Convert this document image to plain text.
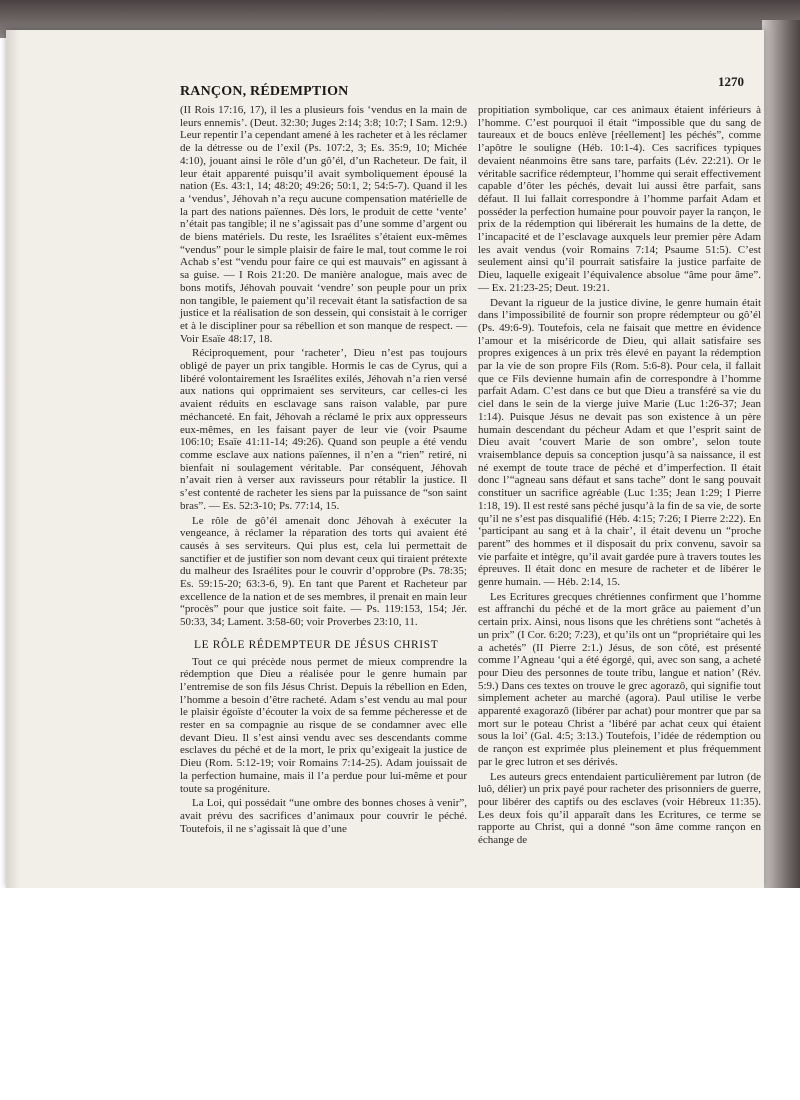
RANÇON, RÉDEMPTION
1270

(II Rois 17:16, 17), il les a plusieurs fois ‘vendus en la main de leurs ennemis’. (Deut. 32:30; Juges 2:14; 3:8; 10:7; I Sam. 12:9.) Leur repentir l’a cependant amené à les racheter et à les réclamer de la détresse ou de l’exil (Ps. 107:2, 3; Es. 35:9, 10; Michée 4:10), jouant ainsi le rôle d’un gô’él, d’un Racheteur. De fait, il leur était apparenté puisqu’il avait symboliquement épousé la nation (Es. 43:1, 14; 48:20; 49:26; 50:1, 2; 54:5-7). Quand il les a ‘vendus’, Jéhovah n’a reçu aucune compensation matérielle de la part des nations païennes. Dès lors, le produit de cette ‘vente’ n’était pas tangible; il ne s’agissait pas d’une somme d’argent ou de biens matériels. Du reste, les Israélites s’étaient eux-mêmes “vendus” pour le simple plaisir de faire le mal, tout comme le roi Achab s’est “vendu pour faire ce qui est mauvais” en agissant à sa guise. — I Rois 21:20. De manière analogue, mais avec de bons motifs, Jéhovah pouvait ‘vendre’ son peuple pour un prix non tangible, le paiement qu’il recevait étant la satisfaction de sa justice et la réalisation de son dessein, qui consistait à le corriger et à le discipliner pour sa rébellion et son manque de respect. — Voir Esaïe 48:17, 18.

Réciproquement, pour ‘racheter’, Dieu n’est pas toujours obligé de payer un prix tangible. Hormis le cas de Cyrus, qui a libéré volontairement les Israélites exilés, Jéhovah n’a rien versé aux nations qui opprimaient ses serviteurs, car celles-ci les avaient réduits en esclavage sans raison valable, par pure méchanceté. En fait, Jéhovah a réclamé le prix aux oppresseurs eux-mêmes, en les faisant payer de leur vie (voir Psaume 106:10; Esaïe 41:11-14; 49:26). Quand son peuple a été vendu comme esclave aux nations païennes, il n’en a “rien” retiré, ni bienfait ni soulagement véritable. Par conséquent, Jéhovah n’avait rien à verser aux ravisseurs pour rétablir la justice. Il s’est contenté de racheter les siens par la puissance de “son saint bras”. — Es. 52:3-10; Ps. 77:14, 15.

Le rôle de gô’él amenait donc Jéhovah à exécuter la vengeance, à réclamer la réparation des torts qui avaient été causés à ses serviteurs. Qui plus est, cela lui permettait de sanctifier et de justifier son nom devant ceux qui tiraient prétexte du malheur des Israélites pour le couvrir d’opprobre (Ps. 78:35; Es. 59:15-20; 63:3-6, 9). En tant que Parent et Racheteur par excellence de la nation et de ses membres, il prenait en main leur “procès” pour que justice soit faite. — Ps. 119:153, 154; Jér. 50:33, 34; Lament. 3:58-60; voir Proverbes 23:10, 11.

LE RÔLE RÉDEMPTEUR DE JÉSUS CHRIST

Tout ce qui précède nous permet de mieux comprendre la rédemption que Dieu a réalisée pour le genre humain par l’entremise de son fils Jésus Christ. Depuis la rébellion en Eden, l’homme a besoin d’être racheté. Adam s’est vendu au mal pour le plaisir égoïste d’écouter la voix de sa femme pécheresse et de rester en sa compagnie au risque de se condamner avec elle devant Dieu. Il s’est ainsi vendu avec ses descendants comme esclaves du péché et de la mort, le prix qu’exigeait la justice de Dieu (Rom. 5:12-19; voir Romains 7:14-25). Adam jouissait de la perfection humaine, mais il l’a perdue pour lui-même et pour toute sa progéniture.

La Loi, qui possédait “une ombre des bonnes choses à venir”, avait prévu des sacrifices d’animaux pour couvrir le péché. Toutefois, il ne s’agissait là que d’une

propitiation symbolique, car ces animaux étaient inférieurs à l’homme. C’est pourquoi il était “impossible que du sang de taureaux et de boucs enlève [réellement] les péchés”, comme l’apôtre le souligne (Héb. 10:1-4). Ces sacrifices typiques devaient néanmoins être sans tare, parfaits (Lév. 22:21). Or le véritable sacrifice rédempteur, l’homme qui serait effectivement capable d’ôter les péchés, devait lui aussi être parfait, sans défaut. Il lui fallait correspondre à l’homme parfait Adam et posséder la perfection humaine pour pouvoir payer la rançon, le prix de la rédemption qui libérerait les humains de la dette, de l’incapacité et de l’esclavage auxquels leur premier père Adam les avait vendus (voir Romains 7:14; Psaume 51:5). C’est seulement ainsi qu’il pourrait satisfaire la justice parfaite de Dieu, laquelle exigeait l’équivalence absolue “âme pour âme”. — Ex. 21:23-25; Deut. 19:21.

Devant la rigueur de la justice divine, le genre humain était dans l’impossibilité de fournir son propre rédempteur ou gô’él (Ps. 49:6-9). Toutefois, cela ne faisait que mettre en évidence l’amour et la miséricorde de Dieu, qui allait satisfaire ses propres exigences à un prix très élevé en payant la rédemption par la vie de son propre Fils (Rom. 5:6-8). Pour cela, il fallait que ce Fils devienne humain afin de correspondre à l’homme parfait Adam. C’est dans ce but que Dieu a transféré sa vie du ciel dans le sein de la vierge juive Marie (Luc 1:26-37; Jean 1:14). Puisque Jésus ne devait pas son existence à un père humain descendant du pécheur Adam et que l’esprit saint de Dieu avait ‘couvert Marie de son ombre’, selon toute vraisemblance depuis sa conception jusqu’à sa naissance, il est né exempt de toute trace de péché et d’imperfection. Il était donc l’“agneau sans défaut et sans tache” dont le sang pouvait constituer un sacrifice agréable (Luc 1:35; Jean 1:29; I Pierre 1:18, 19). Il est resté sans péché jusqu’à la fin de sa vie, de sorte qu’il ne s’est pas disqualifié (Héb. 4:15; 7:26; I Pierre 2:22). En ‘participant au sang et à la chair’, il était devenu un “proche parent” des hommes et il disposait du prix convenu, savoir sa vie parfaite et intègre, qu’il avait gardée pure à travers toutes les épreuves. Il était donc en mesure de racheter et de libérer le genre humain. — Héb. 2:14, 15.

Les Ecritures grecques chrétiennes confirment que l’homme est affranchi du péché et de la mort grâce au paiement d’un certain prix. Ainsi, nous lisons que les chrétiens sont “achetés à un prix” (I Cor. 6:20; 7:23), et qu’ils ont un “propriétaire qui les a achetés” (II Pierre 2:1.) Jésus, de son côté, est présenté comme l’Agneau ‘qui a été égorgé, qui, avec son sang, a acheté pour Dieu des personnes de toute tribu, langue et nation’ (Rév. 5:9.) Dans ces textes on trouve le grec agorazô, qui signifie tout simplement acheter au marché (agora). Paul utilise le verbe apparenté exagorazô (libérer par achat) pour montrer que par sa mort sur le poteau Christ a ‘libéré par achat ceux qui étaient sous la loi’ (Gal. 4:5; 3:13.) Toutefois, l’idée de rédemption ou de rançon est exprimée plus pleinement et plus fréquemment par le grec lutron et ses dérivés.

Les auteurs grecs entendaient particulièrement par lutron (de luô, délier) un prix payé pour racheter des prisonniers de guerre, pour libérer des captifs ou des esclaves (voir Hébreux 11:35). Les deux fois qu’il apparaît dans les Ecritures, ce terme se rapporte au Christ, qui a donné “son âme comme rançon en échange de
